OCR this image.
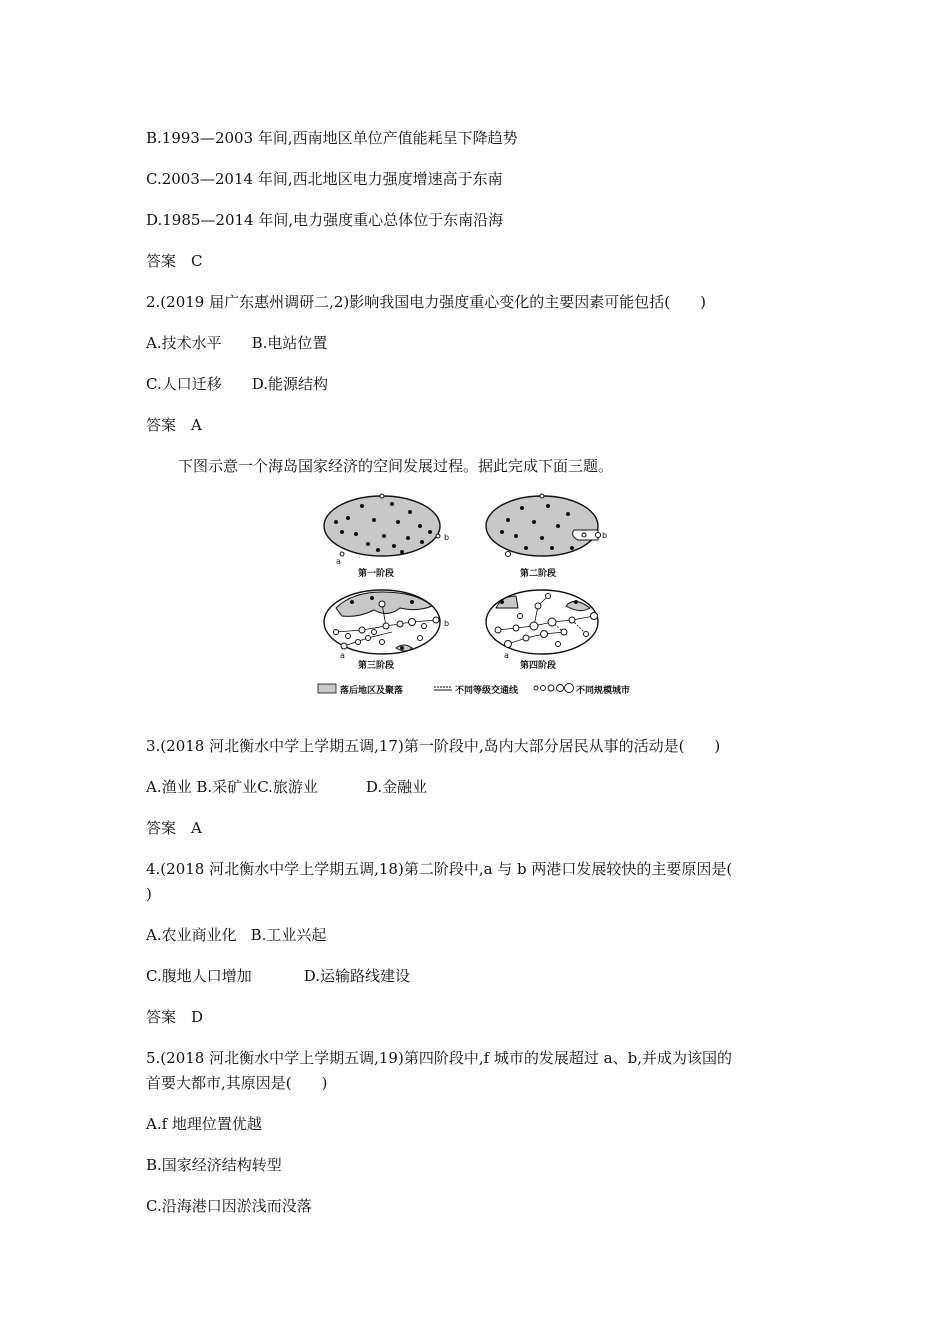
B.1993—2003 年间,西南地区单位产值能耗呈下降趋势
C.2003—2014 年间,西北地区电力强度增速高于东南
D.1985—2014 年间,电力强度重心总体位于东南沿海
答案　C
2.(2019 届广东惠州调研二,2)影响我国电力强度重心变化的主要因素可能包括(　　)
A.技术水平 B.电站位置
C.人口迁移 D.能源结构
答案　A
下图示意一个海岛国家经济的空间发展过程。据此完成下面三题。
a
b
第一阶段
b
第二阶段
a
b
第三阶段
a
第四阶段
落后地区及聚落	不同等级交通线	不同规模城市
3.(2018 河北衡水中学上学期五调,17)第一阶段中,岛内大部分居民从事的活动是(　　)
A.渔业 B.采矿业C.旅游业	D.金融业
答案　A
4.(2018 河北衡水中学上学期五调,18)第二阶段中,a 与 b 两港口发展较快的主要原因是(
)
A.农业商业化 B.工业兴起
C.腹地人口增加	D.运输路线建设
答案　D
5.(2018 河北衡水中学上学期五调,19)第四阶段中,f 城市的发展超过 a、b,并成为该国的
首要大都市,其原因是(　　)
A.f 地理位置优越
B.国家经济结构转型
C.沿海港口因淤浅而没落
